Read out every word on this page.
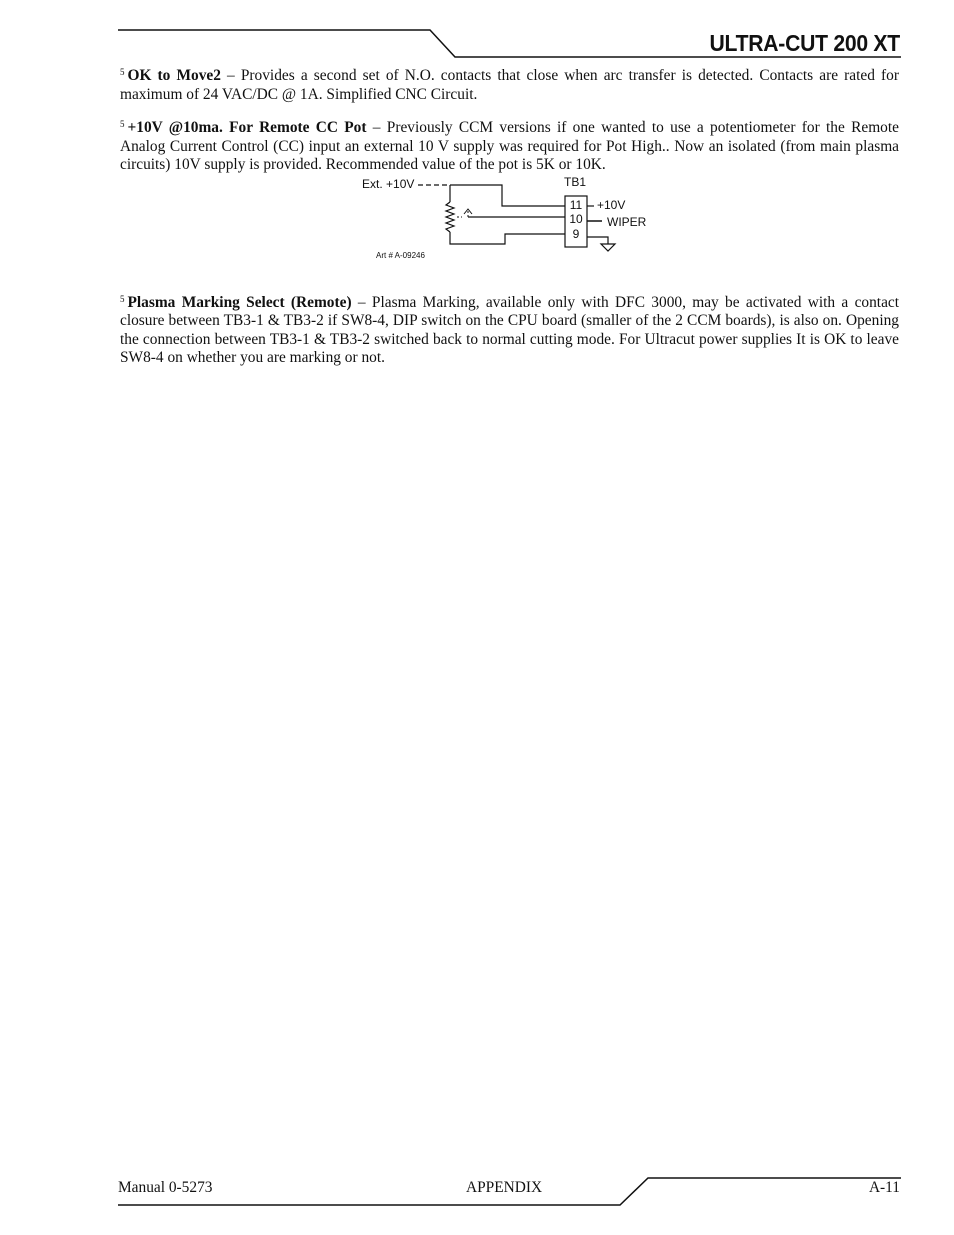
ULTRA-CUT 200 XT

$^5$ OK to Move2 – Provides a second set of N.O. contacts that close when arc transfer is detected. Contacts are rated for maximum of 24 VAC/DC @ 1A. Simplified CNC Circuit.

$^5$ +10V @10ma. For Remote CC Pot – Previously CCM versions if one wanted to use a potentiometer for the Remote Analog Current Control (CC) input an external 10 V supply was required for Pot High.. Now an isolated (from main plasma circuits) 10V supply is provided. Recommended value of the pot is 5K or 10K.

$^5$ Plasma Marking Select (Remote) – Plasma Marking, available only with DFC 3000, may be activated with a contact closure between TB3-1 & TB3-2 if SW8-4, DIP switch on the CPU board (smaller of the 2 CCM boards), is also on. Opening the connection between TB3-1 & TB3-2 switched back to normal cutting mode. For Ultracut power supplies It is OK to leave SW8-4 on whether you are marking or not.

Ext. +10V	TB1
11
10
9
+10V
WIPER
Art # A-09246
Manual 0-5273	APPENDIX	A-11
